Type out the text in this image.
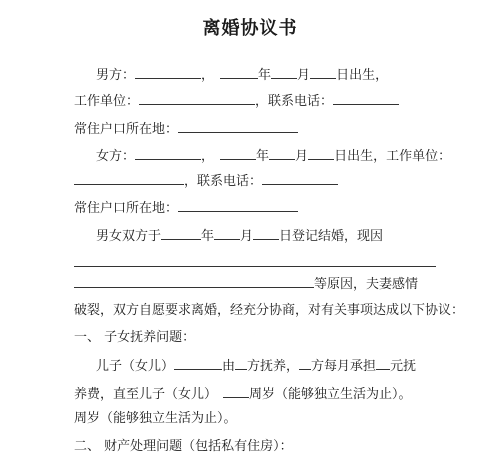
离婚协议书
男方：	，	年 月 日出生，
工作单位：	，联系电话：
常住户口所在地：
女方：	，	年 月 日出生，工作单位：
，联系电话：
常住户口所在地：
男女双方于	年 月 日登记结婚，现因
等原因，夫妻感情
破裂，双方自愿要求离婚，经充分协商，对有关事项达成以下协议：
一、 子女抚养问题：
儿子（女儿）	由 方抚养， 方每月承担 元抚
养费，直至儿子（女儿） 周岁（能够独立生活为止）。
周岁（能够独立生活为止）。
二、 财产处理问题（包括私有住房）：
